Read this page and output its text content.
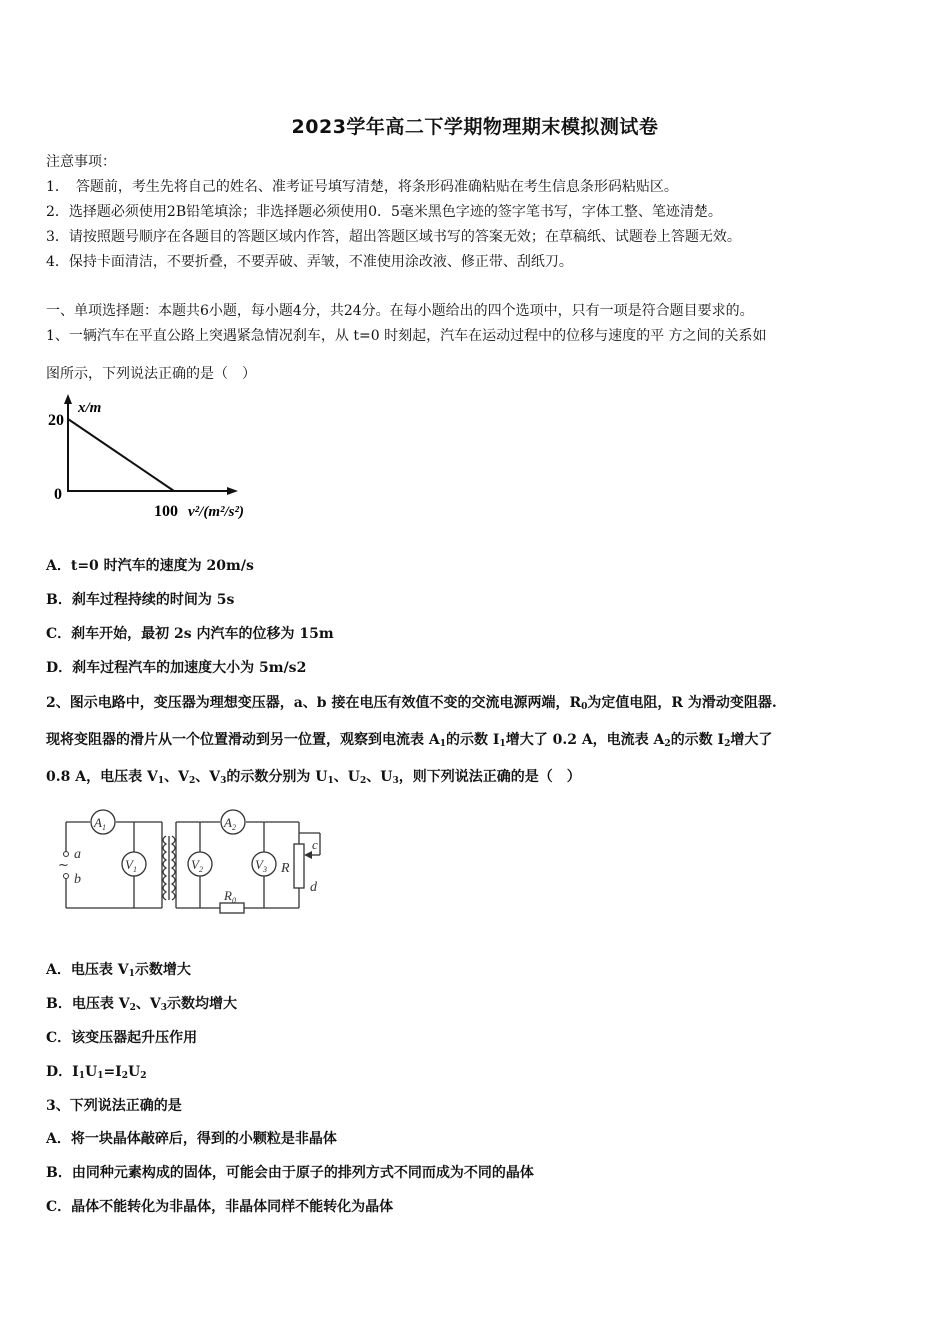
2023学年高二下学期物理期末模拟测试卷
注意事项：
1．　答题前，考生先将自己的姓名、准考证号填写清楚，将条形码准确粘贴在考生信息条形码粘贴区。
2．选择题必须使用2B铅笔填涂；非选择题必须使用0．5毫米黑色字迹的签字笔书写，字体工整、笔迹清楚。
3．请按照题号顺序在各题目的答题区域内作答，超出答题区域书写的答案无效；在草稿纸、试题卷上答题无效。
4．保持卡面清洁，不要折叠，不要弄破、弄皱，不准使用涂改液、修正带、刮纸刀。
一、单项选择题：本题共6小题，每小题4分，共24分。在每小题给出的四个选项中，只有一项是符合题目要求的。
1、一辆汽车在平直公路上突遇紧急情况刹车，从 t=0 时刻起，汽车在运动过程中的位移与速度的平 方之间的关系如
图所示，下列说法正确的是（　）
x/m
20
0
100 v²/(m²/s²)
A．t=0 时汽车的速度为 20m/s
B．刹车过程持续的时间为 5s
C．刹车开始，最初 2s 内汽车的位移为 15m
D．刹车过程汽车的加速度大小为 5m/s2
2、图示电路中，变压器为理想变压器，a、b 接在电压有效值不变的交流电源两端，$R_0$为定值电阻，R 为滑动变阻器.
现将变阻器的滑片从一个位置滑动到另一位置，观察到电流表 $A_1$的示数 $I_1$增大了 0.2 A，电流表 $A_2$的示数 $I_2$增大了
0.8 A，电压表 $V_1$、$V_2$、$V_3$的示数分别为 $U_1$、$U_2$、$U_3$，则下列说法正确的是（　）
$A_1$	$A_2$
$V_1$	$V_2$	$V_3$
$R_0$
R
c
d
a
b
~
A．电压表 $V_1$示数增大
B．电压表 $V_2$、$V_3$示数均增大
C．该变压器起升压作用
D．$I_1U_1=I_2U_2$
3、下列说法正确的是
A．将一块晶体敲碎后，得到的小颗粒是非晶体
B．由同种元素构成的固体，可能会由于原子的排列方式不同而成为不同的晶体
C．晶体不能转化为非晶体，非晶体同样不能转化为晶体
